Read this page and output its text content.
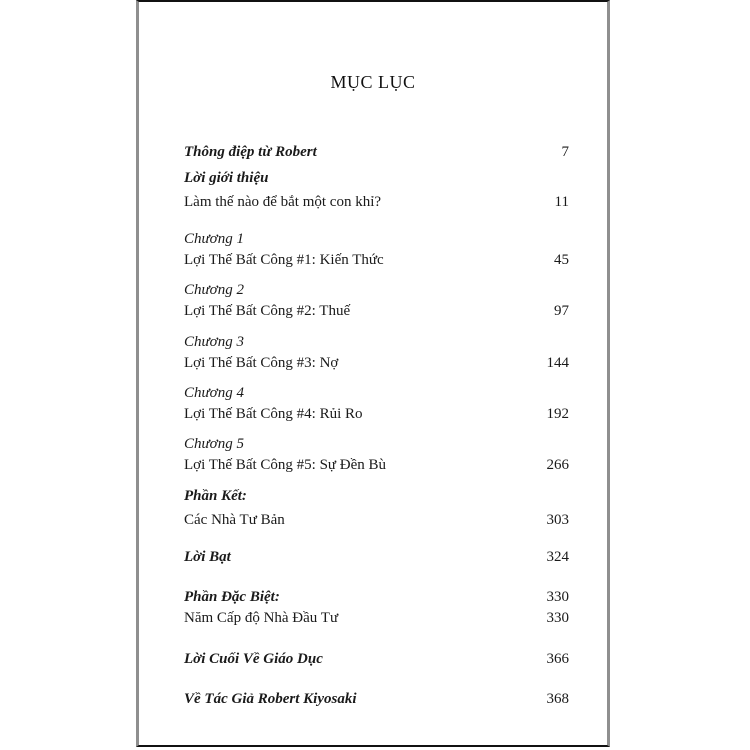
MỤC LỤC
Thông điệp từ Robert	7
Lời giới thiệu
Làm thế nào để bắt một con khỉ?	11
Chương 1
Lợi Thế Bất Công #1: Kiến Thức	45
Chương 2
Lợi Thế Bất Công #2: Thuế	97
Chương 3
Lợi Thế Bất Công #3: Nợ	144
Chương 4
Lợi Thế Bất Công #4: Rủi Ro	192
Chương 5
Lợi Thế Bất Công #5: Sự Đền Bù	266
Phần Kết:
Các Nhà Tư Bản	303
Lời Bạt	324
Phần Đặc Biệt:	330
Năm Cấp độ Nhà Đầu Tư	330
Lời Cuối Về Giáo Dục	366
Về Tác Giả Robert Kiyosaki	368
